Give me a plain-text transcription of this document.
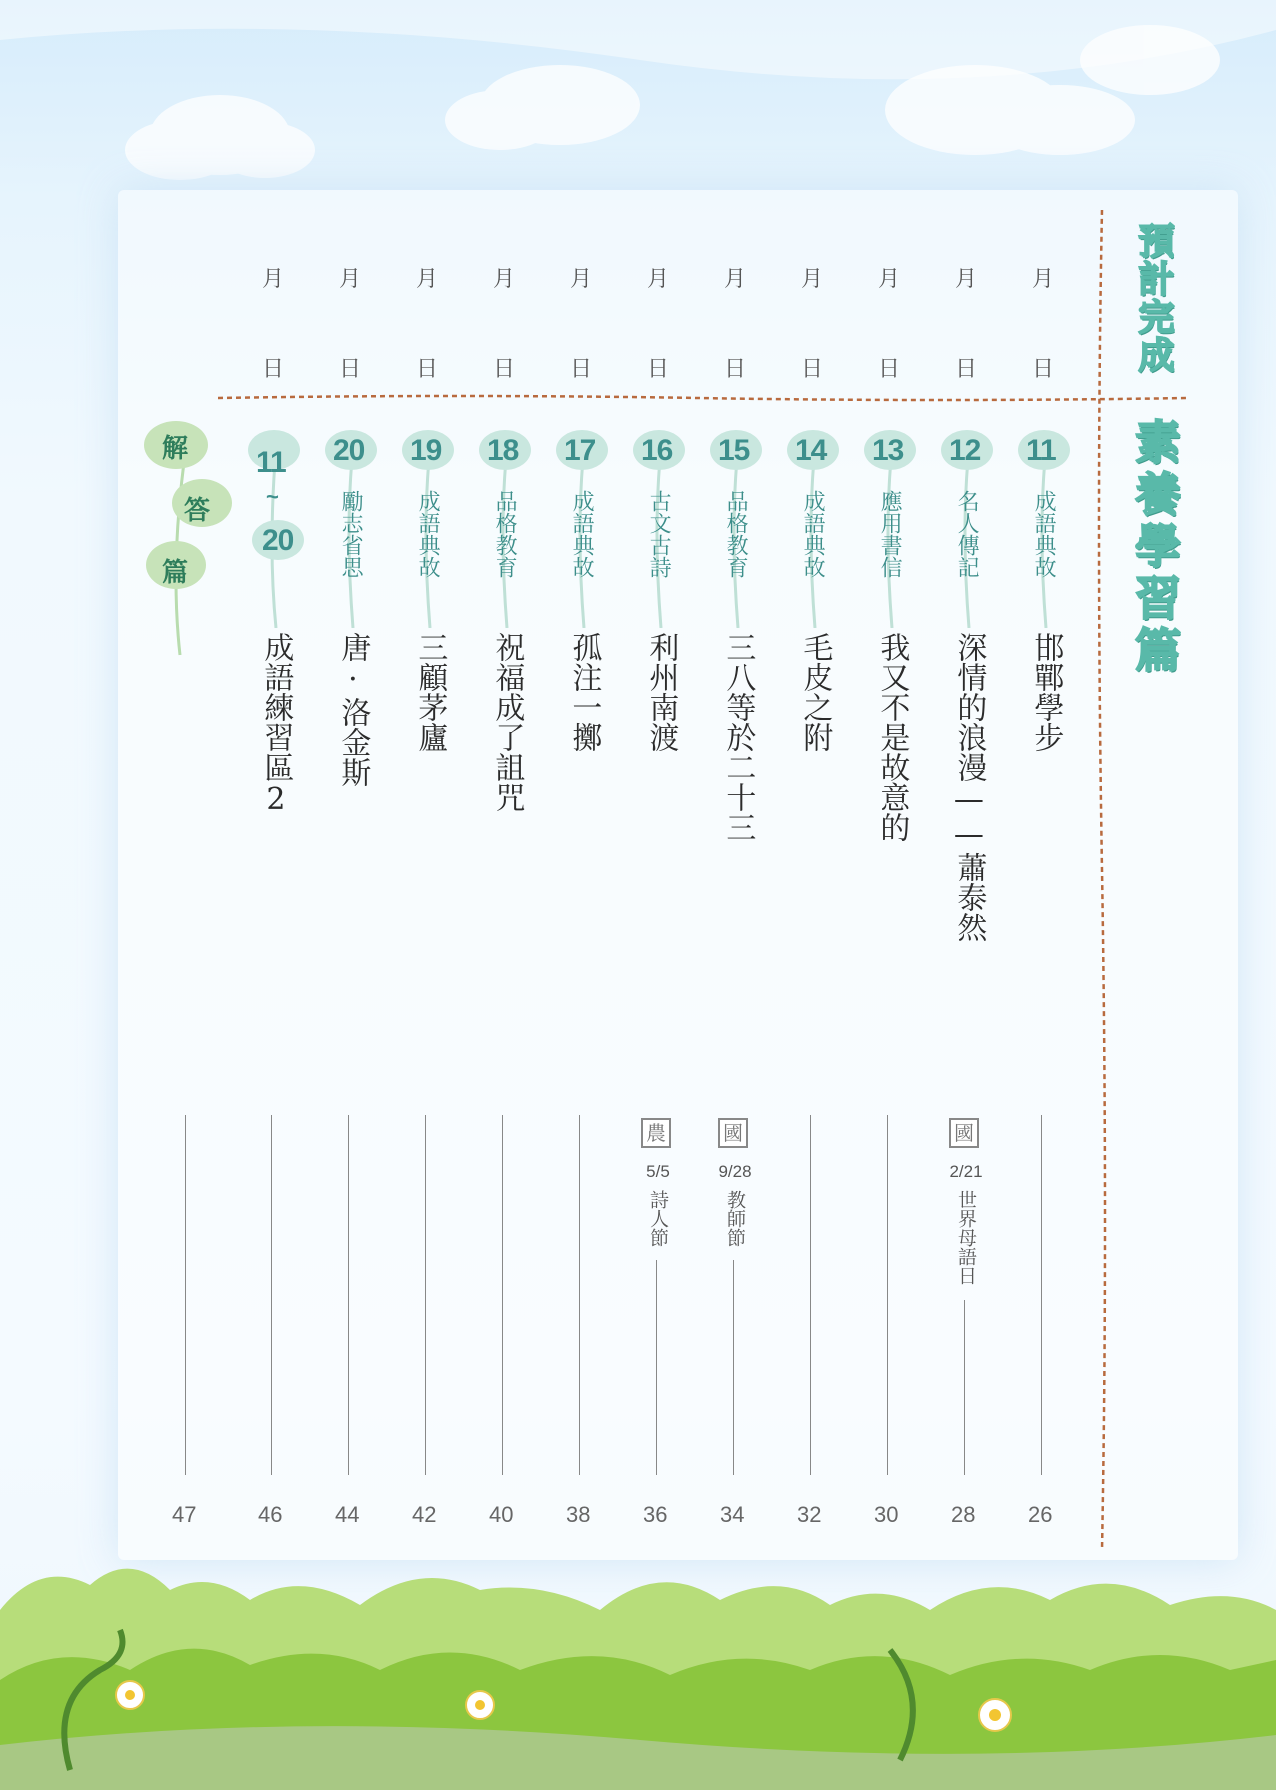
預計完成
素養學習篇
解
答
篇
月
日
11
成語典故
邯鄲學步
26
月
日
12
名人傳記
深情的浪漫——蕭泰然
國
2/21
世界母語日
28
月
日
13
應用書信
我又不是故意的
30
月
日
14
成語典故
毛皮之附
32
月
日
15
品格教育
三八等於二十三
國
9/28
教師節
34
月
日
16
古文古詩
利州南渡
農
5/5
詩人節
36
月
日
17
成語典故
孤注一擲
38
月
日
18
品格教育
祝福成了詛咒
40
月
日
19
成語典故
三顧茅廬
42
月
日
20
勵志省思
唐·洛金斯
44
月
日
11
~
20
成語練習區2
46
47
